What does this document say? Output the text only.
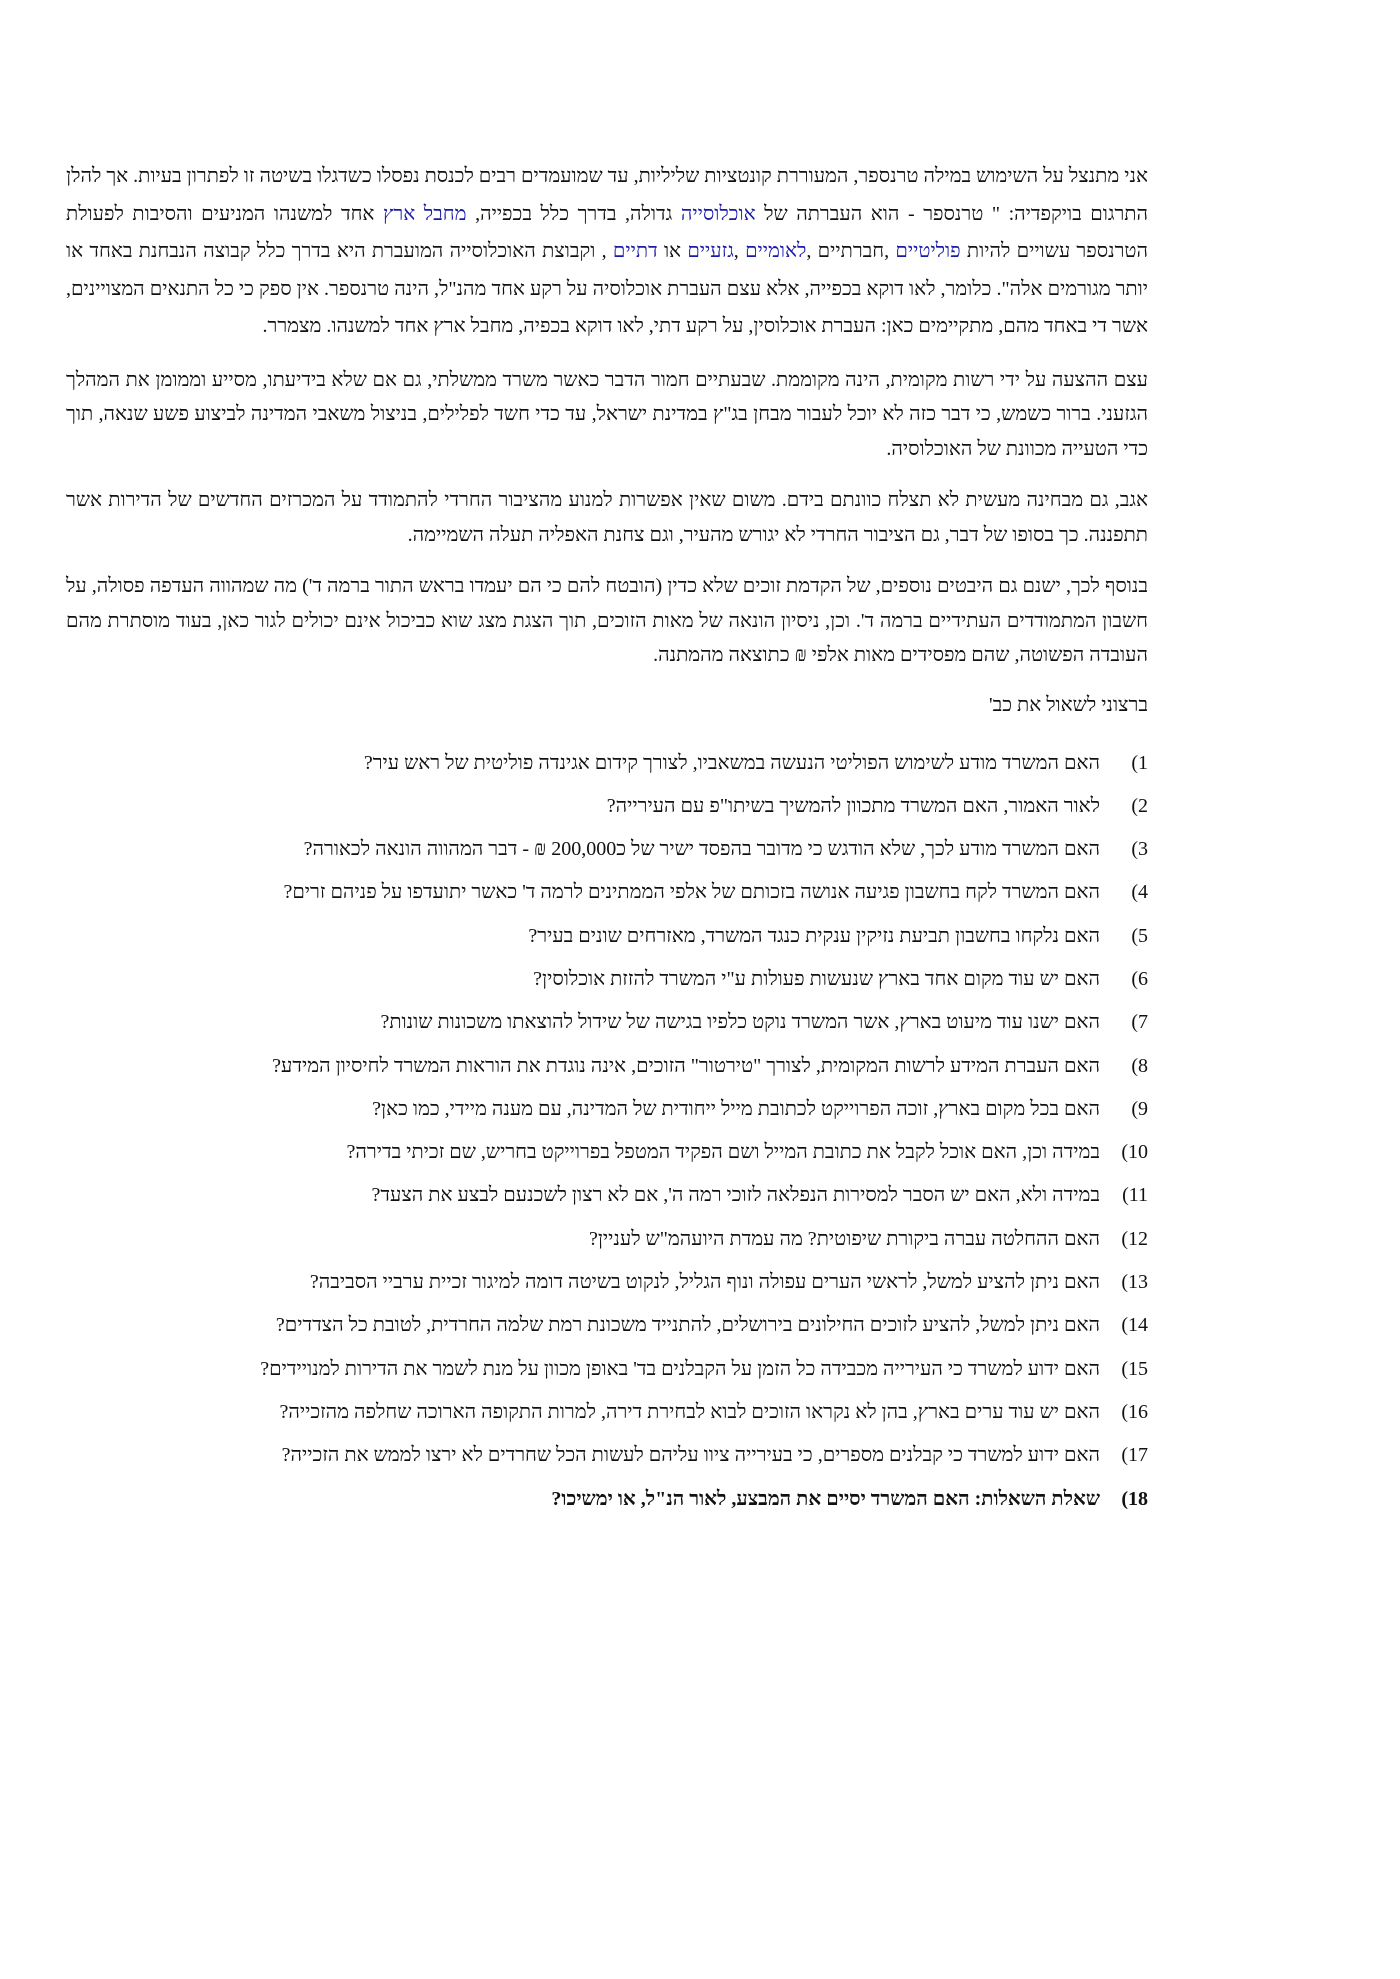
אני מתנצל על השימוש במילה טרנספר, המעוררת קונטציות שליליות, עד שמועמדים רבים לכנסת נפסלו כשדגלו בשיטה זו לפתרון בעיות. אך להלן התרגום בויקפדיה: " טרנספר - הוא העברתה של אוכלוסייה גדולה, בדרך כלל בכפייה, מחבל ארץ אחד למשנהו המניעים והסיבות לפעולת הטרנספר עשויים להיות פוליטיים ,חברתיים ,לאומיים ,גזעיים או דתיים , וקבוצת האוכלוסייה המועברת היא בדרך כלל קבוצה הנבחנת באחד או יותר מגורמים אלה". כלומר, לאו דוקא בכפייה, אלא עצם העברת אוכלוסיה על רקע אחד מהנ"ל, הינה טרנספר. אין ספק כי כל התנאים המצויינים, אשר די באחד מהם, מתקיימים כאן: העברת אוכלוסין, על רקע דתי, לאו דוקא בכפיה, מחבל ארץ אחד למשנהו. מצמרר.

עצם ההצעה על ידי רשות מקומית, הינה מקוממת. שבעתיים חמור הדבר כאשר משרד ממשלתי, גם אם שלא בידיעתו, מסייע וממומן את המהלך הגזעני. ברור כשמש, כי דבר כזה לא יוכל לעבור מבחן בג"ץ במדינת ישראל, עד כדי חשד לפלילים, בניצול משאבי המדינה לביצוע פשע שנאה, תוך כדי הטעייה מכוונת של האוכלוסיה.

אגב, גם מבחינה מעשית לא תצלח כוונתם בידם. משום שאין אפשרות למנוע מהציבור החרדי להתמודד על המכרזים החדשים של הדירות אשר תתפננה. כך בסופו של דבר, גם הציבור החרדי לא יגורש מהעיר, וגם צחנת האפליה תעלה השמיימה.

בנוסף לכך, ישנם גם היבטים נוספים, של הקדמת זוכים שלא כדין (הובטח להם כי הם יעמדו בראש התור ברמה ד') מה שמהווה העדפה פסולה, על חשבון המתמודדים העתידיים ברמה ד'. וכן, ניסיון הונאה של מאות הזוכים, תוך הצגת מצג שוא כביכול אינם יכולים לגור כאן, בעוד מוסתרת מהם העובדה הפשוטה, שהם מפסידים מאות אלפי ₪ כתוצאה מהמתנה.

ברצוני לשאול את כב'

1)
האם המשרד מודע לשימוש הפוליטי הנעשה במשאביו, לצורך קידום אגינדה פוליטית של ראש עיר?
2)
לאור האמור, האם המשרד מתכוון להמשיך בשיתו"פ עם העירייה?
3)
האם המשרד מודע לכך, שלא הודגש כי מדובר בהפסד ישיר של כ200,000 ₪ - דבר המהווה הונאה לכאורה?
4)
האם המשרד לקח בחשבון פגיעה אנושה בזכותם של אלפי הממתינים לרמה ד' כאשר יתועדפו על פניהם זרים?
5)
האם נלקחו בחשבון תביעת נזיקין ענקית כנגד המשרד, מאזרחים שונים בעיר?
6)
האם יש עוד מקום אחד בארץ שנעשות פעולות ע"י המשרד להזזת אוכלוסין?
7)
האם ישנו עוד מיעוט בארץ, אשר המשרד נוקט כלפיו בגישה של שידול להוצאתו משכונות שונות?
8)
האם העברת המידע לרשות המקומית, לצורך "טירטור" הזוכים, אינה נוגדת את הוראות המשרד לחיסיון המידע?
9)
האם בכל מקום בארץ, זוכה הפרוייקט לכתובת מייל ייחודית של המדינה, עם מענה מיידי, כמו כאן?
10)
במידה וכן, האם אוכל לקבל את כתובת המייל ושם הפקיד המטפל בפרוייקט בחריש, שם זכיתי בדירה?
11)
במידה ולא, האם יש הסבר למסירות הנפלאה לזוכי רמה ה', אם לא רצון לשכנעם לבצע את הצעד?
12)
האם ההחלטה עברה ביקורת שיפוטית? מה עמדת היועהמ"ש לעניין?
13)
האם ניתן להציע למשל, לראשי הערים עפולה ונוף הגליל, לנקוט בשיטה דומה למיגור זכיית ערביי הסביבה?
14)
האם ניתן למשל, להציע לזוכים החילונים בירושלים, להתנייד משכונת רמת שלמה החרדית, לטובת כל הצדדים?
15)
האם ידוע למשרד כי העירייה מכבידה כל הזמן על הקבלנים בד' באופן מכוון על מנת לשמר את הדירות למנויידים?
16)
האם יש עוד ערים בארץ, בהן לא נקראו הזוכים לבוא לבחירת דירה, למרות התקופה הארוכה שחלפה מהזכייה?
17)
האם ידוע למשרד כי קבלנים מספרים, כי בעירייה ציוו עליהם לעשות הכל שחרדים לא ירצו לממש את הזכייה?
18)
שאלת השאלות: האם המשרד יסיים את המבצע, לאור הנ"ל, או ימשיכו?
